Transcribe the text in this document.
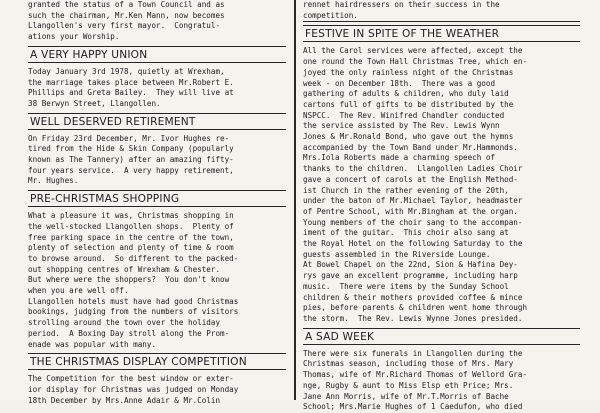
granted the status of a Town Council and as
such the chairman, Mr.Ken Mann, now becomes
Llangollen's very first mayor.  Congratul-
ations your Worship.
A VERY HAPPY UNION
Today January 3rd 1978, quietly at Wrexham,
the marriage takes place between Mr.Robert E.
Phillips and Greta Bailey.  They will live at
38 Berwyn Street, Llangollen.
WELL DESERVED RETIREMENT
On Friday 23rd December, Mr. Ivor Hughes re-
tired from the Hide & Skin Company (popularly
known as The Tannery) after an amazing fifty-
four years service.  A very happy retirement,
Mr. Hughes.
PRE-CHRISTMAS SHOPPING
What a pleasure it was, Christmas shopping in
the well-stocked Llangollen shops.  Plenty of
free parking space in the centre of the town,
plenty of selection and plenty of time & room
to browse around.  So different to the packed-
out shopping centres of Wrexham & Chester.
But where were the shoppers?  You don't know
when you are well off.
Llangollen hotels must have had good Christmas
bookings, judging from the numbers of visitors
strolling around the town over the holiday
period.  A Boxing Day stroll along the Prom-
enade was popular with many.
THE CHRISTMAS DISPLAY COMPETITION
The Competition for the best window or exter-
ior display for Christmas was judged on Monday
18th December by Mrs.Anne Adair & Mr.Colin
rennet hairdressers on their success in the
competition.
FESTIVE IN SPITE OF THE WEATHER
All the Carol services were affected, except the
one round the Town Hall Christmas Tree, which en-
joyed the only rainless night of the Christmas
week - on December 18th.  There was a good
gathering of adults & children, who duly laid
cartons full of gifts to be distributed by the
NSPCC.  The Rev. Winifred Chandler conducted
the service assisted by The Rev. Lewis Wynn
Jones & Mr.Ronald Bond, who gave out the hymns
accompanied by the Town Band under Mr.Hammonds.
Mrs.Iola Roberts made a charming speech of
thanks to the children.  Llangollen Ladies Choir
gave a concert of carols at the English Method-
ist Church in the rather evening of the 20th,
under the baton of Mr.Michael Taylor, headmaster
of Pentre School, with Mr.Bingham at the organ.
Young members of the choir sang to the accompan-
iment of the guitar.  This choir also sang at
the Royal Hotel on the following Saturday to the
guests assembled in the Riverside Lounge.
At Bowel Chapel on the 22nd, Sion & Hafina Dey-
rys gave an excellent programme, including harp
music.  There were items by the Sunday School
children & their mothers provided coffee & mince
pies, before parents & children went home through
the storm.  The Rev. Lewis Wynne Jones presided.
A SAD WEEK
There were six funerals in Llangollen during the
Christmas season, including those of Mrs. Mary
Thomas, wife of Mr.Richard Thomas of Wellord Gra-
nge, Rugby & aunt to Miss Elsp eth Price; Mrs.
Jane Ann Morris, wife of Mr.T.Morris of Bache
School; Mrs.Marie Hughes of 1 Caedufon, who died
